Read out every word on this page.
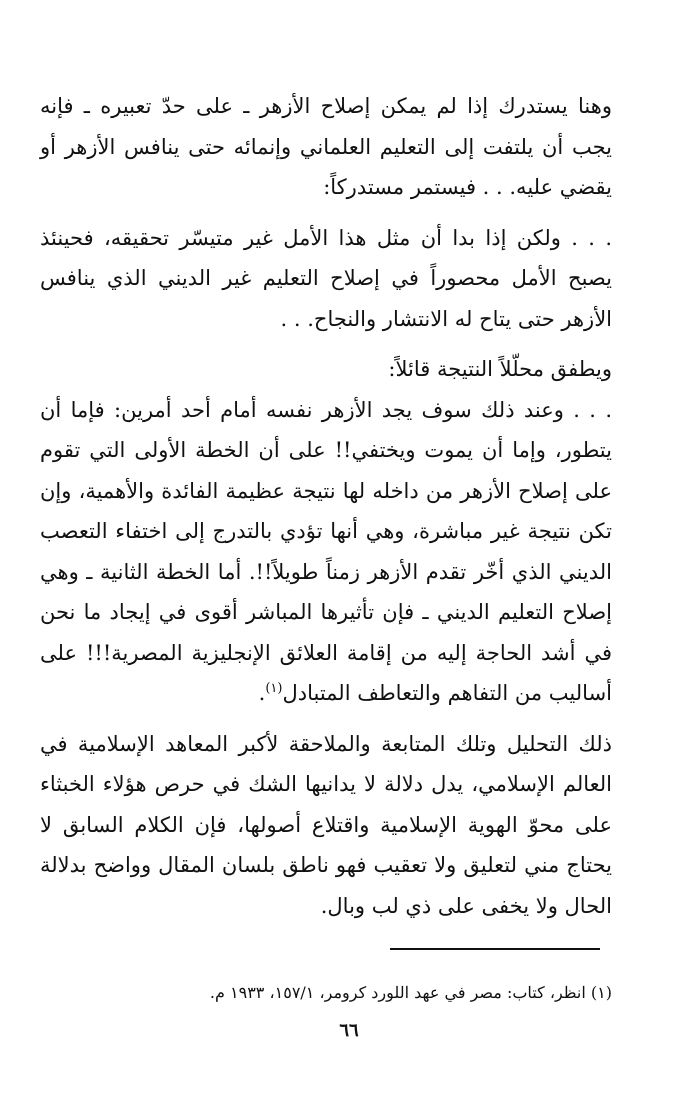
وهنا يستدرك إذا لم يمكن إصلاح الأزهر ـ على حدّ تعبيره ـ فإنه يجب أن يلتفت إلى التعليم العلماني وإنمائه حتى ينافس الأزهر أو يقضي عليه. . . فيستمر مستدركاً:

. . . ولكن إذا بدا أن مثل هذا الأمل غير متيسّر تحقيقه، فحينئذ يصبح الأمل محصوراً في إصلاح التعليم غير الديني الذي ينافس الأزهر حتى يتاح له الانتشار والنجاح. . .

ويطفق محلّلاً النتيجة قائلاً:

. . . وعند ذلك سوف يجد الأزهر نفسه أمام أحد أمرين: فإما أن يتطور، وإما أن يموت ويختفي!! على أن الخطة الأولى التي تقوم على إصلاح الأزهر من داخله لها نتيجة عظيمة الفائدة والأهمية، وإن تكن نتيجة غير مباشرة، وهي أنها تؤدي بالتدرج إلى اختفاء التعصب الديني الذي أخّر تقدم الأزهر زمناً طويلاً!!. أما الخطة الثانية ـ وهي إصلاح التعليم الديني ـ فإن تأثيرها المباشر أقوى في إيجاد ما نحن في أشد الحاجة إليه من إقامة العلائق الإنجليزية المصرية!!! على أساليب من التفاهم والتعاطف المتبادل$^{(١)}$.

ذلك التحليل وتلك المتابعة والملاحقة لأكبر المعاهد الإسلامية في العالم الإسلامي، يدل دلالة لا يدانيها الشك في حرص هؤلاء الخبثاء على محوّ الهوية الإسلامية واقتلاع أصولها، فإن الكلام السابق لا يحتاج مني لتعليق ولا تعقيب فهو ناطق بلسان المقال وواضح بدلالة الحال ولا يخفى على ذي لب وبال.

(١) انظر، كتاب: مصر في عهد اللورد كرومر، ١٥٧/١، ١٩٣٣ م.
٦٦
